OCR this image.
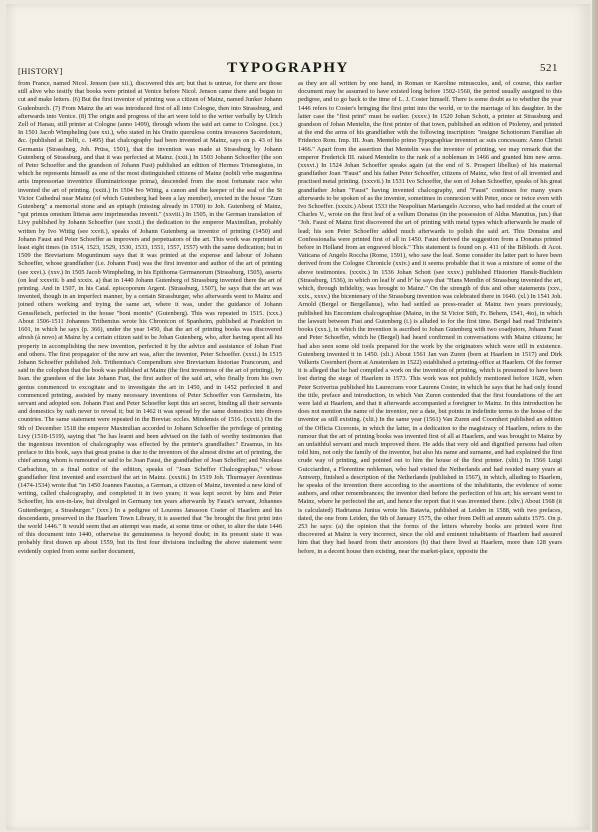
[HISTORY]	TYPOGRAPHY	521
from France, named Nicol. Jenson (see xii.), discovered this art; but that is untrue, for there are those still alive who testify that books were printed at Venice before Nicol. Jenson came there and began to cut and make letters. (6) But the first inventor of printing was a citizen of Mainz, named Junker Johann Gudenburch. (7) From Mainz the art was introduced first of all into Cologne, then into Strassburg, and afterwards into Venice. (8) The origin and progress of the art were told to the writer verbally by Ulrich Zell of Hanau, still printer at Cologne (anno 1499), through whom the said art came to Cologne. (xx.) In 1501 Jacob Wimpheling (see xxi.), who stated in his Oratio querulosa contra invasores Sacerdotum, &c. (published at Delft, c. 1495) that chalcography had been invented at Mainz, says on p. 43 of his Germania (Strassburg, Joh. Prüss, 1501), that the invention was made at Strassburg by Johann Gutenberg of Strassburg, and that it was perfected at Mainz. (xxii.) In 1503 Johann Schoeffer (the son of Peter Schoeffer and the grandson of Johann Fust) published an edition of Hermes Trismegistus, in which he represents himself as one of the most distinguished citizens of Mainz (nobili vrbe magunitna artis impressoriae inventrice illuminatriceque prima), descended from the most fortunate race who invented the art of printing. (xxiii.) In 1504 Ivo Wittig, a canon and the keeper of the seal of the St Victor Cathedral near Mainz (of which Gutenberg had been a lay member), erected in the house "Zum Gutenberg" a memorial stone and an epitaph (missing already in 1700) to Joh. Gutenberg of Mainz, "qui primus omnium litteras aere imprimendas invenit." (xxviii.) In 1505, in the German translation of Livy published by Johann Schoeffer (see xxxii.) the dedication to the emperor Maximilian, probably written by Ivo Wittig (see xxvii.), speaks of Johann Gutenberg as inventor of printing (1450) and Johann Faust and Peter Schoeffer as improvers and perpetuators of the art. This work was reprinted at least eight times (in 1514, 1523, 1529, 1530, 1533, 1551, 1557, 1557) with the same dedication; but in 1509 the Breviarium Moguntinum says that it was printed at the expense and labour of Johann Schoeffer, whose grandfather (i.e. Johann Fust) was the first inventor and author of the art of printing (see xxvi.). (xxv.) In 1505 Jacob Wimpheling, in his Epithoma Germanorum (Strassburg, 1505), asserts (on leaf xxxviii. b and xxxix. a) that in 1440 Johann Gutenberg of Strassburg invented there the art of printing. And in 1507, in his Catal. episcoporum Argent. (Strassburg, 1507), he says that the art was invented, though in an imperfect manner, by a certain Strassburger, who afterwards went to Mainz and joined others working and trying the same art, where it was, under the guidance of Johann Genssfleisch, perfected in the house "boni montis" (Gutenberg). This was repeated in 1515. (xxx.) About 1506-1511 Johannes Trithemius wrote his Chronicon of Spanheim, published at Frankfort in 1601, in which he says (p. 366), under the year 1450, that the art of printing books was discovered afresh (à novo) at Mainz by a certain citizen said to be Johan Gutenberg, who, after having spent all his property in accomplishing the new invention, perfected it by the advice and assistance of Johan Fust and others. The first propagator of the new art was, after the inventor, Peter Schoeffer. (xxxi.) In 1515 Johann Schoeffer published Joh. Trithemius's Compendium sive Breviarium historiae Francorum, and said in the colophon that the book was published at Mainz (the first inventress of the art of printing), by Ioan. the grandson of the late Johann Fust, the first author of the said art, who finally from his own genius commenced to excogitate and to investigate the art in 1450, and in 1452 perfected it and commenced printing, assisted by many necessary inventions of Peter Schoeffer von Gernsheim, his servant and adopted son. Johann Fust and Peter Schoeffer kept this art secret, binding all their servants and domestics by oath never to reveal it; but in 1462 it was spread by the same domestics into divers countries. The same statement were repeated in the Breviar. eccles. Mindensis of 1516. (xxxii.) On the 9th of December 1518 the emperor Maximilian accorded to Johann Schoeffer the privilege of printing Livy (1518-1519), saying that "he has learnt and been advised on the faith of worthy testimonies that the ingenious invention of chalcography was effected by the printer's grandfather." Erasmus, in his preface to this book, says that great praise is due to the inventors of the almost divine art of printing, the chief among whom is rumoured or said to be Joan Faust, the grandfather of Joan Scheffer; and Nicolaus Carbachius, in a final notice of the edition, speaks of "Joan Scheffer Chalcographus," whose grandfather first invented and exercised the art in Mainz. (xxxiii.) In 1519 Joh. Thurmayer Aventinus (1474-1534) wrote that "in 1450 Joannes Faustus, a German, a citizen of Mainz, invented a new kind of writing, called chalcography, and completed it in two years; it was kept secret by him and Peter Schoeffer, his son-in-law, but divulged in Germany ten years afterwards by Faust's servant, Johannes Guttenberger, a Strasburger." (xxv.) In a pedigree of Lourens Janssoon Coster of Haarlem and his descendants, preserved in the Haarlem Town Library, it is asserted that "he brought the first print into the world 1446." It would seem that an attempt was made, at some time or other, to alter the date 1446 of this document into 1440, otherwise its genuineness is beyond doubt; in its present state it was probably first drawn up about 1559, but its first four divisions including the above statement were evidently copied from some earlier document,
as they are all written by one hand, in Roman or Karoline minuscules, and, of course, this earlier document may be assumed to have existed long before 1502-1560, the period usually assigned to this pedigree, and to go back to the time of L. J. Coster himself. There is some doubt as to whether the year 1446 refers to Coster's bringing the first print into the world, or to the marriage of his daughter. In the latter case the "first print" must be earlier. (xxxv.) In 1520 Johan Schott, a printer at Strassburg and grandson of Johan Mentelin, the first printer of that town, published an edition of Ptolemy, and printed at the end the arms of his grandfather with the following inscription: "insigne Schottorum Familiae ab Friderico Rom. Imp. III. Joan. Mentelio primo Typographiae inventori ac suis concessum: Anno Christi 1466." Apart from the assertion that Mentelin was the inventor of printing, we may remark that the emperor Frederick III. raised Mentelin to the rank of a nobleman in 1466 and granted him new arms. (xxxvi.) In 1524 Johan Schoeffer speaks again (at the end of S. Prosperi libellus) of his maternal grandfather Joan "Faust" and his father Peter Schoeffer, citizens of Mainz, who first of all invented and practised metal printing. (xxxvii.) In 1531 Ivo Schoeffer, the son of Johan Schoeffer, speaks of his great grandfather Johan "Faust" having invented chalcography, and "Faust" continues for many years afterwards to be spoken of as the inventor, sometimes in connexion with Peter, once or twice even with Ivo Schoeffer. (xxxix.) About 1533 the Neapolitan Mariangelo Accorso, who had resided at the court of Charles V., wrote on the first leaf of a vellum Donatus (in the possession of Aldus Manutius, jun.) that "Joh. Faust of Mainz first discovered the art of printing with metal types which afterwards he made of lead; his son Peter Schoeffer added much afterwards to polish the said art. This Donatus and Confessionalia were printed first of all in 1450. Faust derived the suggestion from a Donatus printed before in Holland from an engraved block." This statement is found on p. 411 of the Biblioth. di Acot. Vaticana of Angelo Roccha (Rome, 1591), who saw the leaf. Some consider its latter part to have been derived from the Cologne Chronicle (xxiv.) and it seems probable that it was a mixture of some of the above testimonies. (xxxix.) In 1536 Johan Schott (see xxxv.) published Historien Hanslt-Buchlein (Strassburg, 1536), in which on leaf b' and b'' he says that "Hans Mentlin of Strassburg invented the art, which, through infidelity, was brought to Mainz." On the strength of this and other statements (xxv., xxix., xxxv.) the bicentenary of the Strassburg invention was celebrated there in 1640. (xl.) In 1541 Joh. Arnold (Bergel or Bergellanus), who had settled as press-reader at Mainz two years previously, published his Encomium chalcographiae (Mainz, in the St Victor Stift, Fr. Behem, 1541, 4to), in which the lawsuit between Fust and Gutenberg (i.) is alluded to for the first time. Bergel had read Tritheim's books (xxx.), in which the invention is ascribed to Johan Gutenberg with two coadjutors, Johann Faust and Peter Schoeffer, which he (Bergel) had heard confirmed in conversations with Mainz citizens; he had also seen some old tools prepared for the work by the originators which were still in existence. Gutenberg invented it in 1450. (xli.) About 1561 Jan van Zuren (born at Haarlem in 1517) and Dirk Volkerts Coornhert (born at Amsterdam in 1522) established a printing-office at Haarlem. Of the former it is alleged that he had compiled a work on the invention of printing, which is presumed to have been lost during the siege of Haarlem in 1573. This work was not publicly mentioned before 1628, when Peter Scriverius published his Laurecrans voor Laurens Coster, in which he says that he had only found the title, preface and introduction, in which Van Zuren contended that the first foundations of the art were laid at Haarlem, and that it afterwards accompanied a foreigner to Mainz. In this introduction he does not mention the name of the inventor, nor a date, but points in indefinite terms to the house of the inventor as still existing. (xlii.) In the same year (1561) Van Zuren and Coornhert published an edition of the Officia Ciceronis, in which the latter, in a dedication to the magistracy of Haarlem, refers to the rumour that the art of printing books was invented first of all at Haarlem, and was brought to Mainz by an unfaithful servant and much improved there. He adds that very old and dignified persons had often told him, not only the family of the inventor, but also his name and surname, and had explained the first crude way of printing, and pointed out to him the house of the first printer. (xliii.) In 1566 Luigi Guicciardini, a Florentine nobleman, who had visited the Netherlands and had resided many years at Antwerp, finished a description of the Netherlands (published in 1567), in which, alluding to Haarlem, he speaks of the invention there according to the assertions of the inhabitants, the evidence of some authors, and other remembrances; the inventor died before the perfection of his art; his servant went to Mainz, where he perfected the art, and hence the report that it was invented there. (xliv.) About 1568 (it is calculated) Hadrianus Junius wrote his Batavia, published at Leiden in 1588, with two prefaces, dated, the one from Leiden, the 6th of January 1575, the other from Delft ad annum salutis 1575. On p. 253 he says: (a) the opinion that the forms of the letters whereby books are printed were first discovered at Mainz is very incorrect, since the old and eminent inhabitants of Haarlem had assured him that they had heard from their ancestors (b) that there lived at Haarlem, more than 128 years before, in a decent house then existing, near the market-place, opposite the
